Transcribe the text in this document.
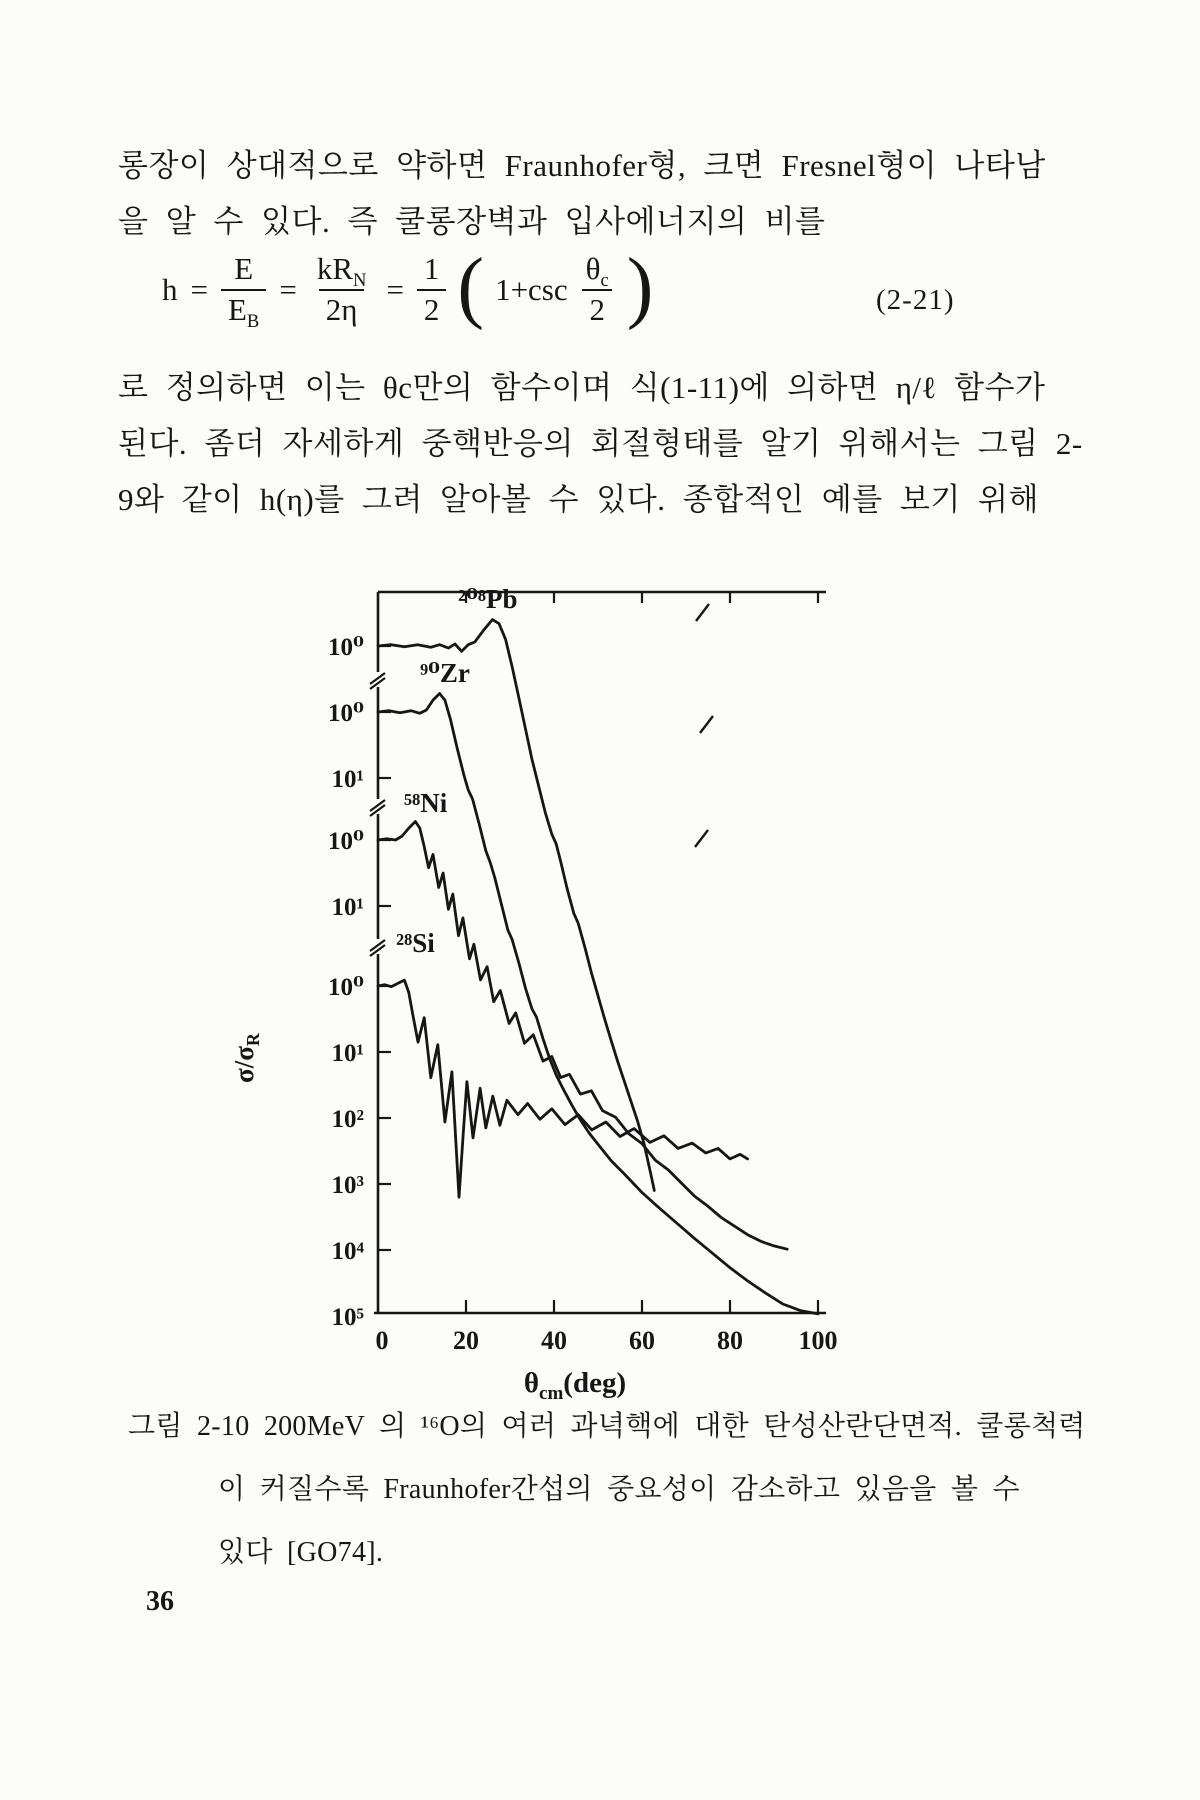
롱장이 상대적으로 약하면 Fraunhofer형, 크면 Fresnel형이 나타남
을 알 수 있다. 즉 쿨롱장벽과 입사에너지의 비를
$h = \frac{E}{E_B} = \frac{kR_N}{2\eta} = \frac{1}{2}$ ( $1+\csc \frac{\theta_c}{2}$ )	(2-21)
로 정의하면 이는 θc만의 함수이며 식(1-11)에 의하면 η/ℓ 함수가
된다. 좀더 자세하게 중핵반응의 회절형태를 알기 위해서는 그림 2-
9와 같이 h(η)를 그려 알아볼 수 있다. 종합적인 예를 보기 위해
10⁰
10⁰
10¹
10⁰
10¹
10⁰
10¹
10²
10³
10⁴
10⁵
0 20 40 60 80 100
²⁰⁸Pb
⁹⁰Zr
⁵⁸Ni
²⁸Si
$\theta_{cm}(deg)$
$\sigma/\sigma_R$
그림 2-10 200MeV 의 ¹⁶O의 여러 과녁핵에 대한 탄성산란단면적. 쿨롱척력
이 커질수록 Fraunhofer간섭의 중요성이 감소하고 있음을 볼 수
있다 [GO74].
36
